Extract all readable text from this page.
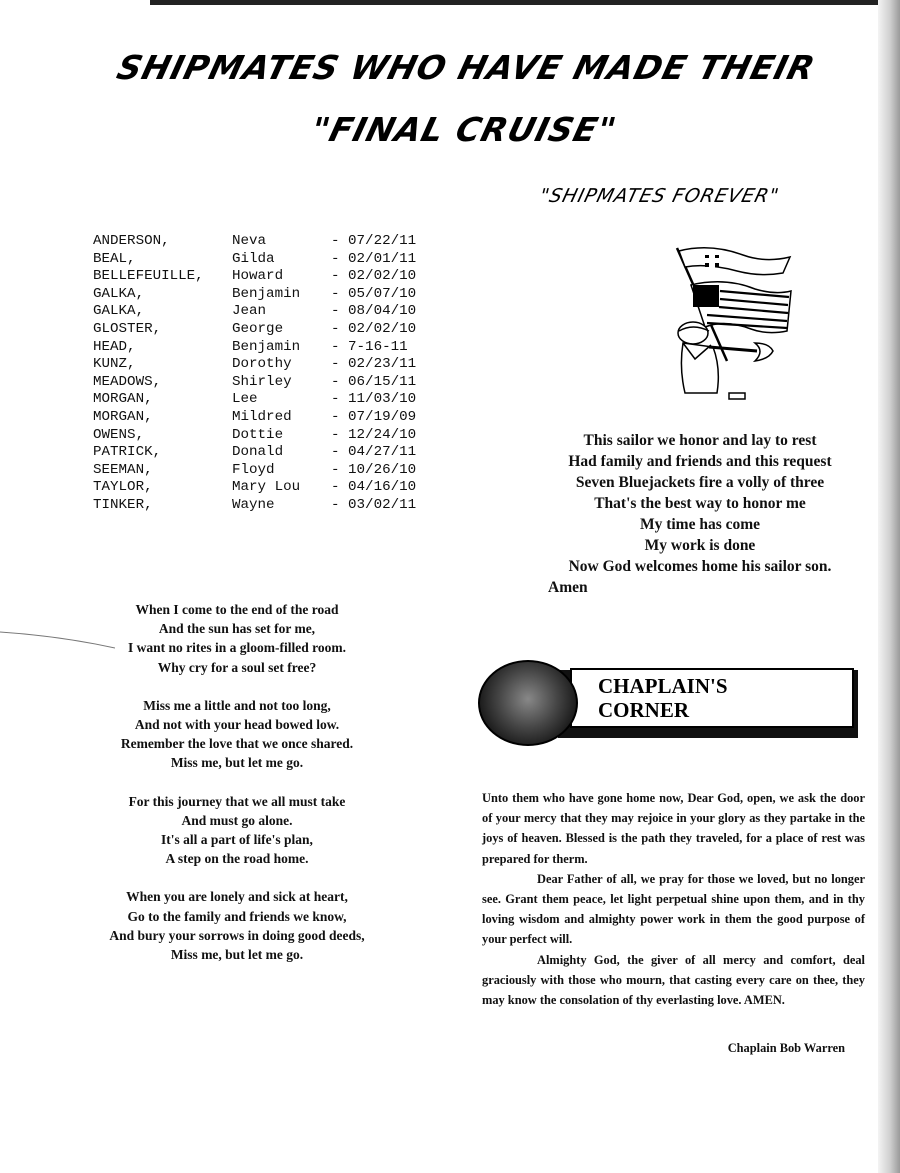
SHIPMATES WHO HAVE MADE THEIR
"FINAL CRUISE"
"SHIPMATES FOREVER"
ANDERSON,	Neva	- 07/22/11
BEAL,	Gilda	- 02/01/11
BELLEFEUILLE, Howard	- 02/02/10
GALKA,	Benjamin - 05/07/10
GALKA,	Jean	- 08/04/10
GLOSTER,	George	- 02/02/10
HEAD,	Benjamin - 7-16-11
KUNZ,	Dorothy	- 02/23/11
MEADOWS,	Shirley	- 06/15/11
MORGAN,	Lee	- 11/03/10
MORGAN,	Mildred	- 07/19/09
OWENS,	Dottie	- 12/24/10
PATRICK,	Donald	- 04/27/11
SEEMAN,	Floyd	- 10/26/10
TAYLOR,	Mary Lou - 04/16/10
TINKER,	Wayne	- 03/02/11
This sailor we honor and lay to rest
Had family and friends and this request
Seven Bluejackets fire a volly of three
That's the best way to honor me
My time has come
My work is done
Now God welcomes home his sailor son.
Amen
When I come to the end of the road
And the sun has set for me,
I want no rites in a gloom-filled room.
Why cry for a soul set free?
Miss me a little and not too long,
And not with your head bowed low.
Remember the love that we once shared.
Miss me, but let me go.
For this journey that we all must take
And must go alone.
It's all a part of life's plan,
A step on the road home.
When you are lonely and sick at heart,
Go to the family and friends we know,
And bury your sorrows in doing good deeds,
Miss me, but let me go.
CHAPLAIN'S
CORNER

Unto them who have gone home now, Dear God, open, we ask the door of your mercy that they may rejoice in your glory as they partake in the joys of heaven. Blessed is the path they traveled, for a place of rest was prepared for therm.

Dear Father of all, we pray for those we loved, but no longer see. Grant them peace, let light perpetual shine upon them, and in thy loving wisdom and almighty power work in them the good purpose of your perfect will.

Almighty God, the giver of all mercy and comfort, deal graciously with those who mourn, that casting every care on thee, they may know the consolation of thy everlasting love. AMEN.

Chaplain Bob Warren
